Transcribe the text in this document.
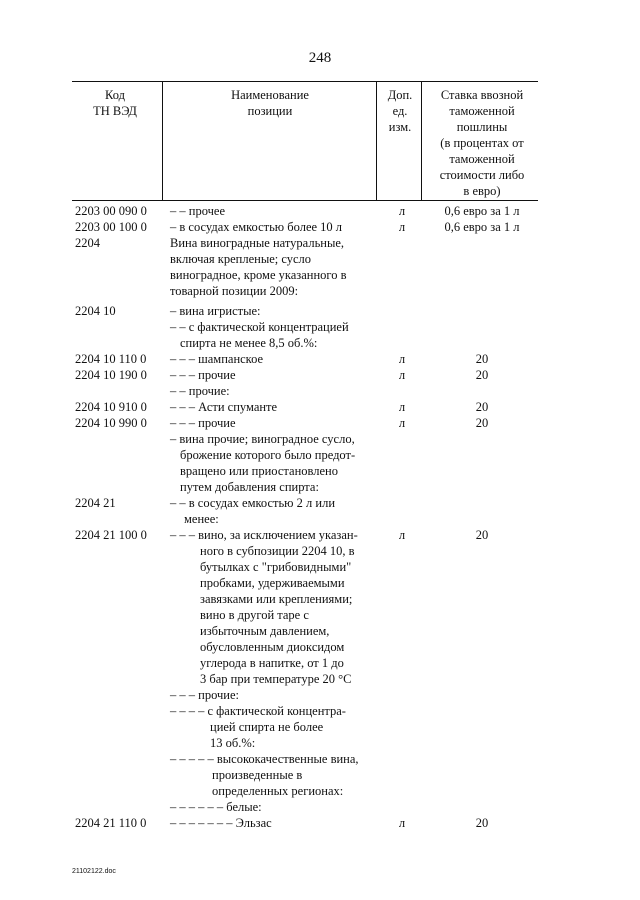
248
Код
ТН ВЭД
Наименование
позиции
Доп.
ед.
изм.
Ставка ввозной
таможенной
пошлины
(в процентах от
таможенной
стоимости либо
в евро)
2203 00 090 0 – – прочее	л	0,6 евро за 1 л
2203 00 100 0 – в сосудах емкостью более 10 л	л	0,6 евро за 1 л
2204	Вина виноградные натуральные,
включая крепленые; сусло
виноградное, кроме указанного в
товарной позиции 2009:
2204 10	– вина игристые:
– – с фактической концентрацией
спирта не менее 8,5 об.%:
2204 10 110 0 – – – шампанское	л	20
2204 10 190 0 – – – прочие	л	20
– – прочие:
2204 10 910 0 – – – Асти спуманте	л	20
2204 10 990 0 – – – прочие	л	20
– вина прочие; виноградное сусло,
брожение которого было предот-
вращено или приостановлено
путем добавления спирта:
2204 21	– – в сосудах емкостью 2 л или
менее:
2204 21 100 0 – – – вино, за исключением указан-
ного в субпозиции 2204 10, в
бутылках с "грибовидными"
пробками, удерживаемыми
завязками или креплениями;
вино в другой таре с
избыточным давлением,
обусловленным диоксидом
углерода в напитке, от 1 до
3 бар при температуре 20 °С
л	20
– – – прочие:
– – – – с фактической концентра-
цией спирта не более
13 об.%:
– – – – – высококачественные вина,
произведенные в
определенных регионах:
– – – – – – белые:
2204 21 110 0 – – – – – – – Эльзас	л	20
21102122.doc
